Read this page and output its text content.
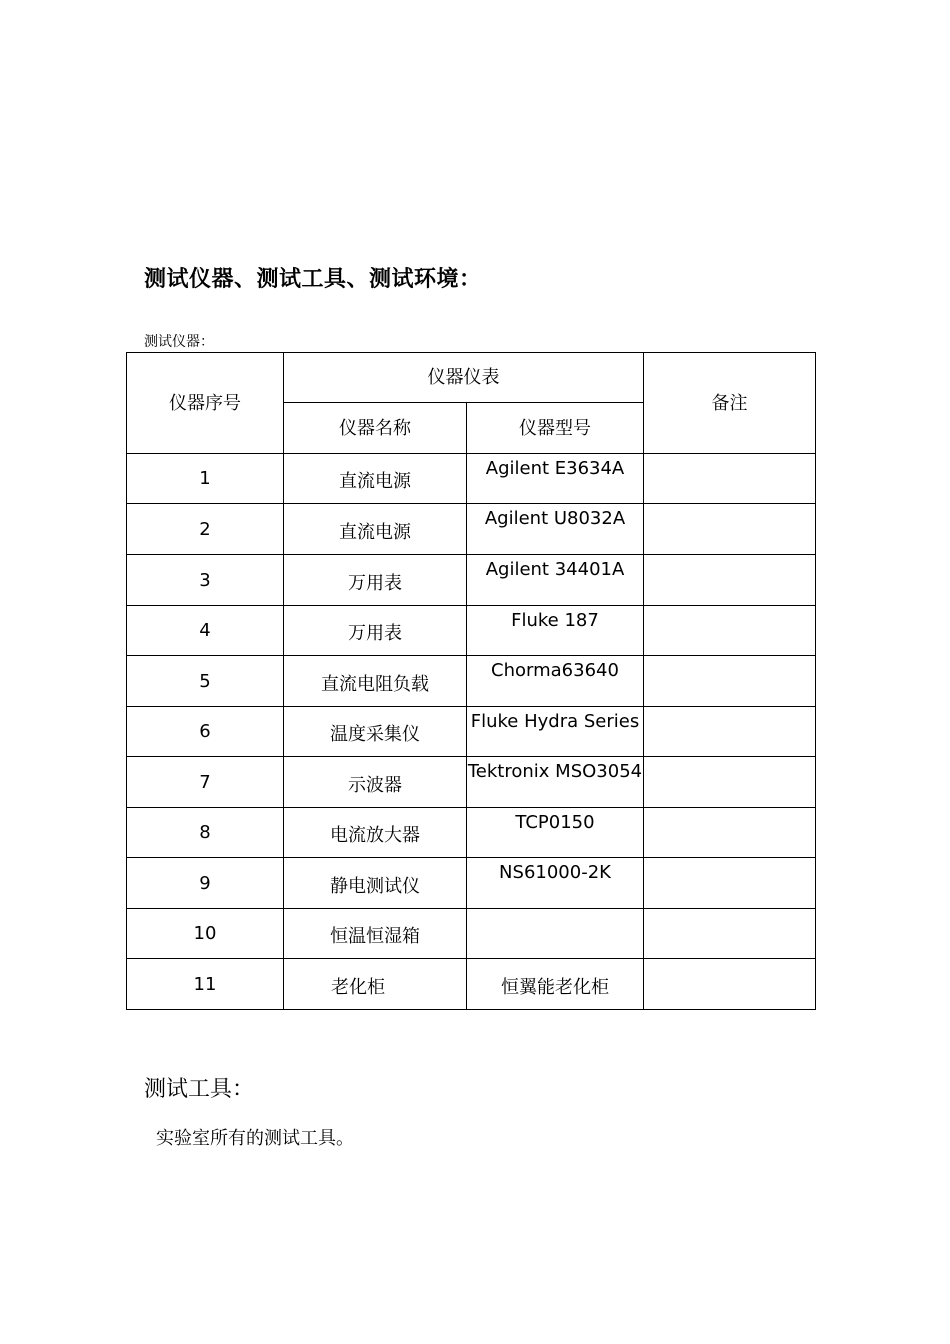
测试仪器、测试工具、测试环境：
测试仪器：
仪器序号	仪器仪表		备注
	仪器名称	仪器型号	
1	直流电源	Agilent E3634A	
2	直流电源	Agilent U8032A	
3	万用表	Agilent 34401A	
4	万用表	Fluke 187	
5	直流电阻负载	Chorma63640	
6	温度采集仪	Fluke Hydra Series	
7	示波器	Tektronix MSO3054	
8	电流放大器	TCP0150	
9	静电测试仪	NS61000-2K	
10	恒温恒湿箱		
11	老化柜	恒翼能老化柜	
测试工具：
实验室所有的测试工具。
